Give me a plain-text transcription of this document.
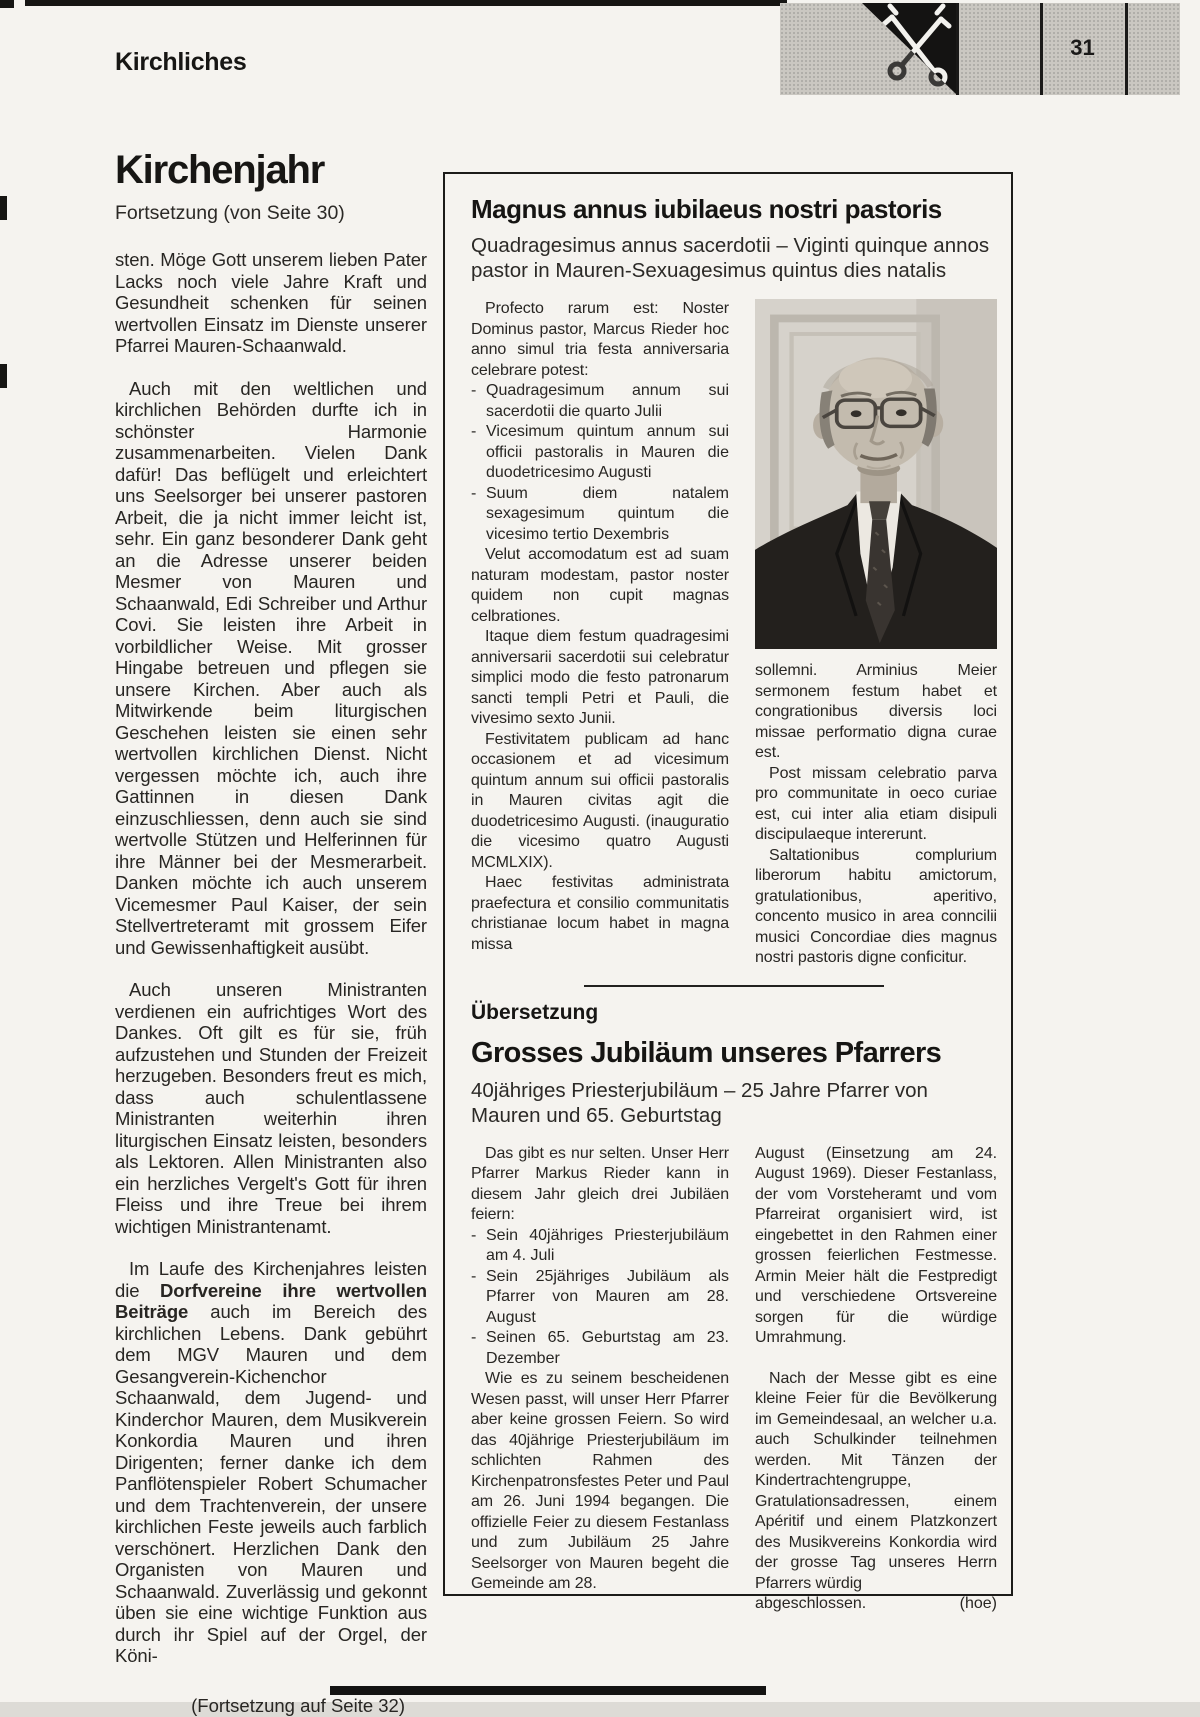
Kirchliches
31
Kirchenjahr
Fortsetzung (von Seite 30)

sten. Möge Gott unserem lieben Pater Lacks noch viele Jahre Kraft und Gesundheit schenken für seinen wertvollen Einsatz im Dienste unserer Pfarrei Mauren-Schaanwald.

Auch mit den weltlichen und kirchlichen Behörden durfte ich in schönster Harmonie zusammenarbeiten. Vielen Dank dafür! Das beflügelt und erleichtert uns Seelsorger bei unserer pastoren Arbeit, die ja nicht immer leicht ist, sehr. Ein ganz besonderer Dank geht an die Adresse unserer beiden Mesmer von Mauren und Schaanwald, Edi Schreiber und Arthur Covi. Sie leisten ihre Arbeit in vorbildlicher Weise. Mit grosser Hingabe betreuen und pflegen sie unsere Kirchen. Aber auch als Mitwirkende beim liturgischen Geschehen leisten sie einen sehr wertvollen kirchlichen Dienst. Nicht vergessen möchte ich, auch ihre Gattinnen in diesen Dank einzuschliessen, denn auch sie sind wertvolle Stützen und Helferinnen für ihre Männer bei der Mesmerarbeit. Danken möchte ich auch unserem Vicemesmer Paul Kaiser, der sein Stellvertreteramt mit grossem Eifer und Gewissenhaftigkeit ausübt.

Auch unseren Ministranten verdienen ein aufrichtiges Wort des Dankes. Oft gilt es für sie, früh aufzustehen und Stunden der Freizeit herzugeben. Besonders freut es mich, dass auch schulentlassene Ministranten weiterhin ihren liturgischen Einsatz leisten, besonders als Lektoren. Allen Ministranten also ein herzliches Vergelt's Gott für ihren Fleiss und ihre Treue bei ihrem wichtigen Ministrantenamt.

Im Laufe des Kirchenjahres leisten die Dorfvereine ihre wertvollen Beiträge auch im Bereich des kirchlichen Lebens. Dank gebührt dem MGV Mauren und dem Gesangverein-Kichenchor Schaanwald, dem Jugend- und Kinderchor Mauren, dem Musikverein Konkordia Mauren und ihren Dirigenten; ferner danke ich dem Panflötenspieler Robert Schumacher und dem Trachtenverein, der unsere kirchlichen Feste jeweils auch farblich verschönert. Herzlichen Dank den Organisten von Mauren und Schaanwald. Zuverlässig und gekonnt üben sie eine wichtige Funktion aus durch ihr Spiel auf der Orgel, der Köni-

(Fortsetzung auf Seite 32)
Magnus annus iubilaeus nostri pastoris
Quadragesimus annus sacerdotii – Viginti quinque annos pastor in Mauren-Sexuagesimus quintus dies natalis

Profecto rarum est: Noster Dominus pastor, Marcus Rieder hoc anno simul tria festa anniversaria celebrare potest:

- Quadragesimum annum sui sacerdotii die quarto Julii
- Vicesimum quintum annum sui officii pastoralis in Mauren die duodetricesimo Augusti
- Suum diem natalem sexagesimum quintum die vicesimo tertio Dexembris

Velut accomodatum est ad suam naturam modestam, pastor noster quidem non cupit magnas celbrationes.

Itaque diem festum quadragesimi anniversarii sacerdotii sui celebratur simplici modo die festo patronarum sancti templi Petri et Pauli, die vivesimo sexto Junii.

Festivitatem publicam ad hanc occasionem et ad vicesimum quintum annum sui officii pastoralis in Mauren civitas agit die duodetricesimo Augusti. (inauguratio die vicesimo quatro Augusti MCMLXIX).

Haec festivitas administrata praefectura et consilio communitatis christianae locum habet in magna missa

sollemni. Arminius Meier sermonem festum habet et congrationibus diversis loci missae performatio digna curae est.

Post missam celebratio parva pro communitate in oeco curiae est, cui inter alia etiam disipuli discipulaeque intererunt.

Saltationibus complurium liberorum habitu amictorum, gratulationibus, aperitivo, concento musico in area conncilii musici Concordiae dies magnus nostri pastoris digne conficitur.

Übersetzung
Grosses Jubiläum unseres Pfarrers
40jähriges Priesterjubiläum – 25 Jahre Pfarrer von Mauren und 65. Geburtstag

Das gibt es nur selten. Unser Herr Pfarrer Markus Rieder kann in diesem Jahr gleich drei Jubiläen feiern:

- Sein 40jähriges Priesterjubiläum am 4. Juli
- Sein 25jähriges Jubiläum als Pfarrer von Mauren am 28. August
- Seinen 65. Geburtstag am 23. Dezember

Wie es zu seinem bescheidenen Wesen passt, will unser Herr Pfarrer aber keine grossen Feiern. So wird das 40jährige Priesterjubiläum im schlichten Rahmen des Kirchenpatronsfestes Peter und Paul am 26. Juni 1994 begangen. Die offizielle Feier zu diesem Festanlass und zum Jubiläum 25 Jahre Seelsorger von Mauren begeht die Gemeinde am 28.

August (Einsetzung am 24. August 1969). Dieser Festanlass, der vom Vorsteheramt und vom Pfarreirat organisiert wird, ist eingebettet in den Rahmen einer grossen feierlichen Festmesse. Armin Meier hält die Festpredigt und verschiedene Ortsvereine sorgen für die würdige Umrahmung.

Nach der Messe gibt es eine kleine Feier für die Bevölkerung im Gemeindesaal, an welcher u.a. auch Schulkinder teilnehmen werden. Mit Tänzen der Kindertrachtengruppe, Gratulationsadressen, einem Apéritif und einem Platzkonzert des Musikvereins Konkordia wird der grosse Tag unseres Herrn Pfarrers würdig

abgeschlossen.	(hoe)
